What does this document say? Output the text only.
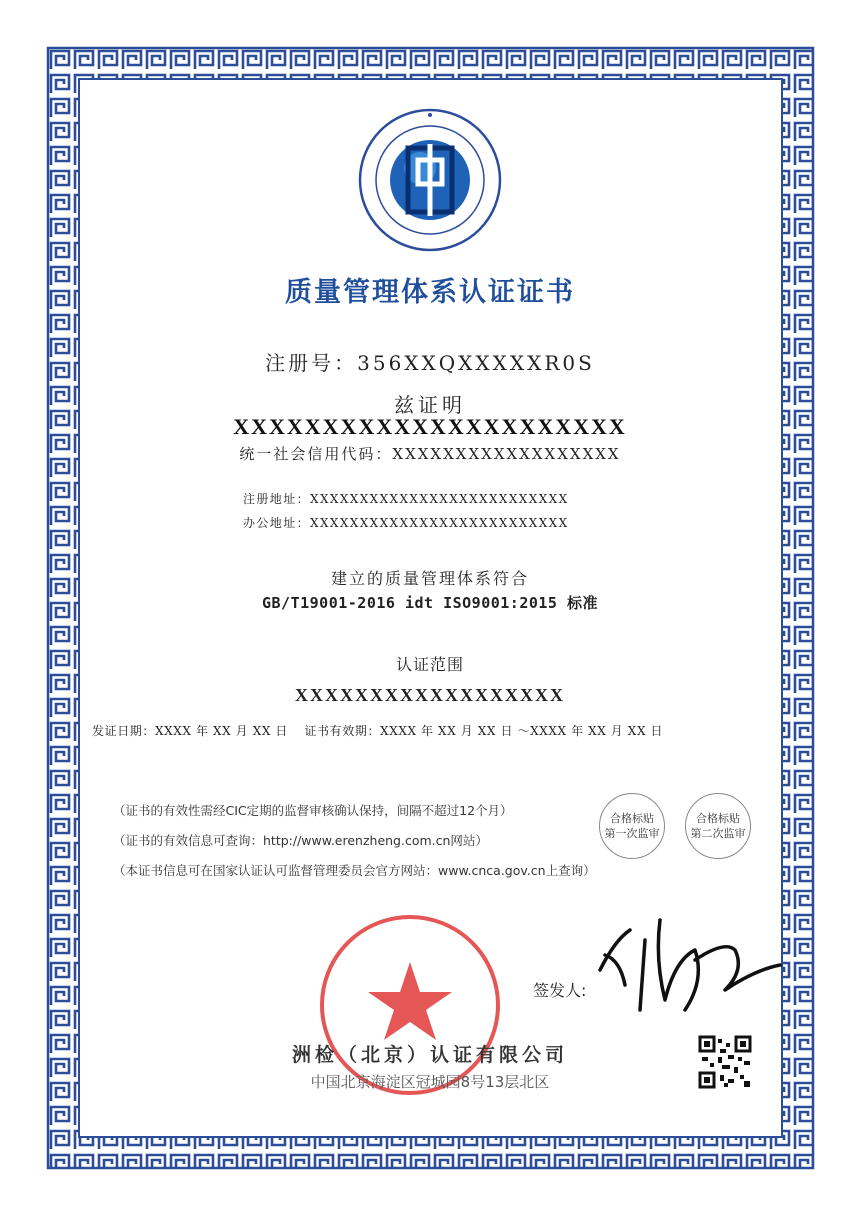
质量管理体系认证证书
注册号：356XXQXXXXXR0S
兹证明
XXXXXXXXXXXXXXXXXXXXXX
统一社会信用代码：XXXXXXXXXXXXXXXXXX
注册地址：XXXXXXXXXXXXXXXXXXXXXXXXXX
办公地址：XXXXXXXXXXXXXXXXXXXXXXXXXX
建立的质量管理体系符合
GB/T19001-2016 idt ISO9001:2015 标准
认证范围
XXXXXXXXXXXXXXXXXX
发证日期：XXXX 年 XX 月 XX 日 证书有效期：XXXX 年 XX 月 XX 日 ～XXXX 年 XX 月 XX 日
（证书的有效性需经CIC定期的监督审核确认保持，间隔不超过12个月）
（证书的有效信息可查询：http://www.erenzheng.com.cn网站）
（本证书信息可在国家认证认可监督管理委员会官方网站：www.cnca.gov.cn上查询）
合格标贴
第一次监审
合格标贴
第二次监审
签发人:
洲检（北京）认证有限公司
中国北京海淀区冠城园8号13层北区
